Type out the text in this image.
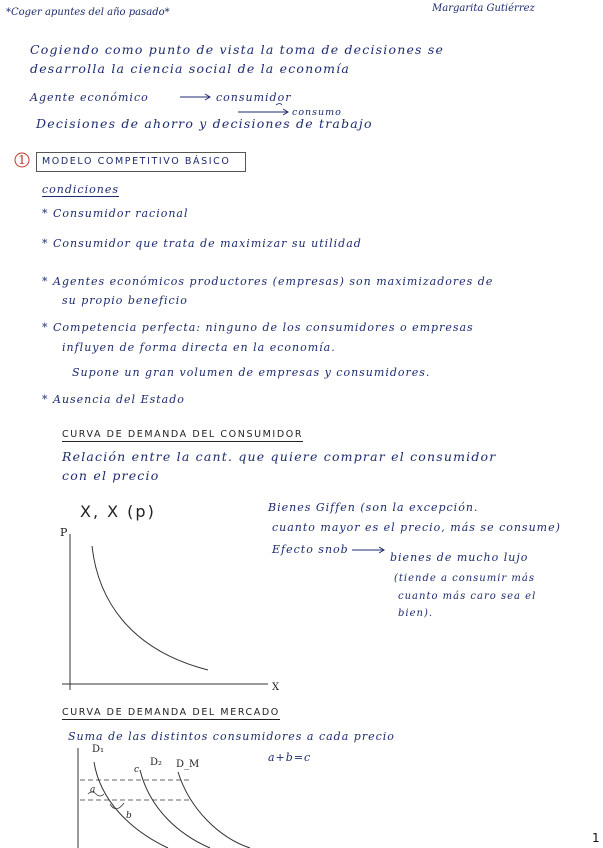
*Coger apuntes del año pasado*	Margarita Gutiérrez
Cogiendo como punto de vista la toma de decisiones se
desarrolla la ciencia social de la economía
Agente económico	consumidor
consumo
Decisiones de ahorro y decisiones de trabajo
1 MODELO COMPETITIVO BÁSICO
condiciones
* Consumidor racional
* Consumidor que trata de maximizar su utilidad
* Agentes económicos productores (empresas) son maximizadores de
su propio beneficio
* Competencia perfecta: ninguno de los consumidores o empresas
influyen de forma directa en la economía.
Supone un gran volumen de empresas y consumidores.
* Ausencia del Estado
CURVA DE DEMANDA DEL CONSUMIDOR
Relación entre la cant. que quiere comprar el consumidor
con el precio
X, X (p)
P
X
Bienes Giffen (son la excepción.
cuanto mayor es el precio, más se consume)
Efecto snob
bienes de mucho lujo
(tiende a consumir más
cuanto más caro sea el
bien).
CURVA DE DEMANDA DEL MERCADO
Suma de las distintos consumidores a cada precio
a+b=c
D₁
D₂ D_M
c
a
b
1
